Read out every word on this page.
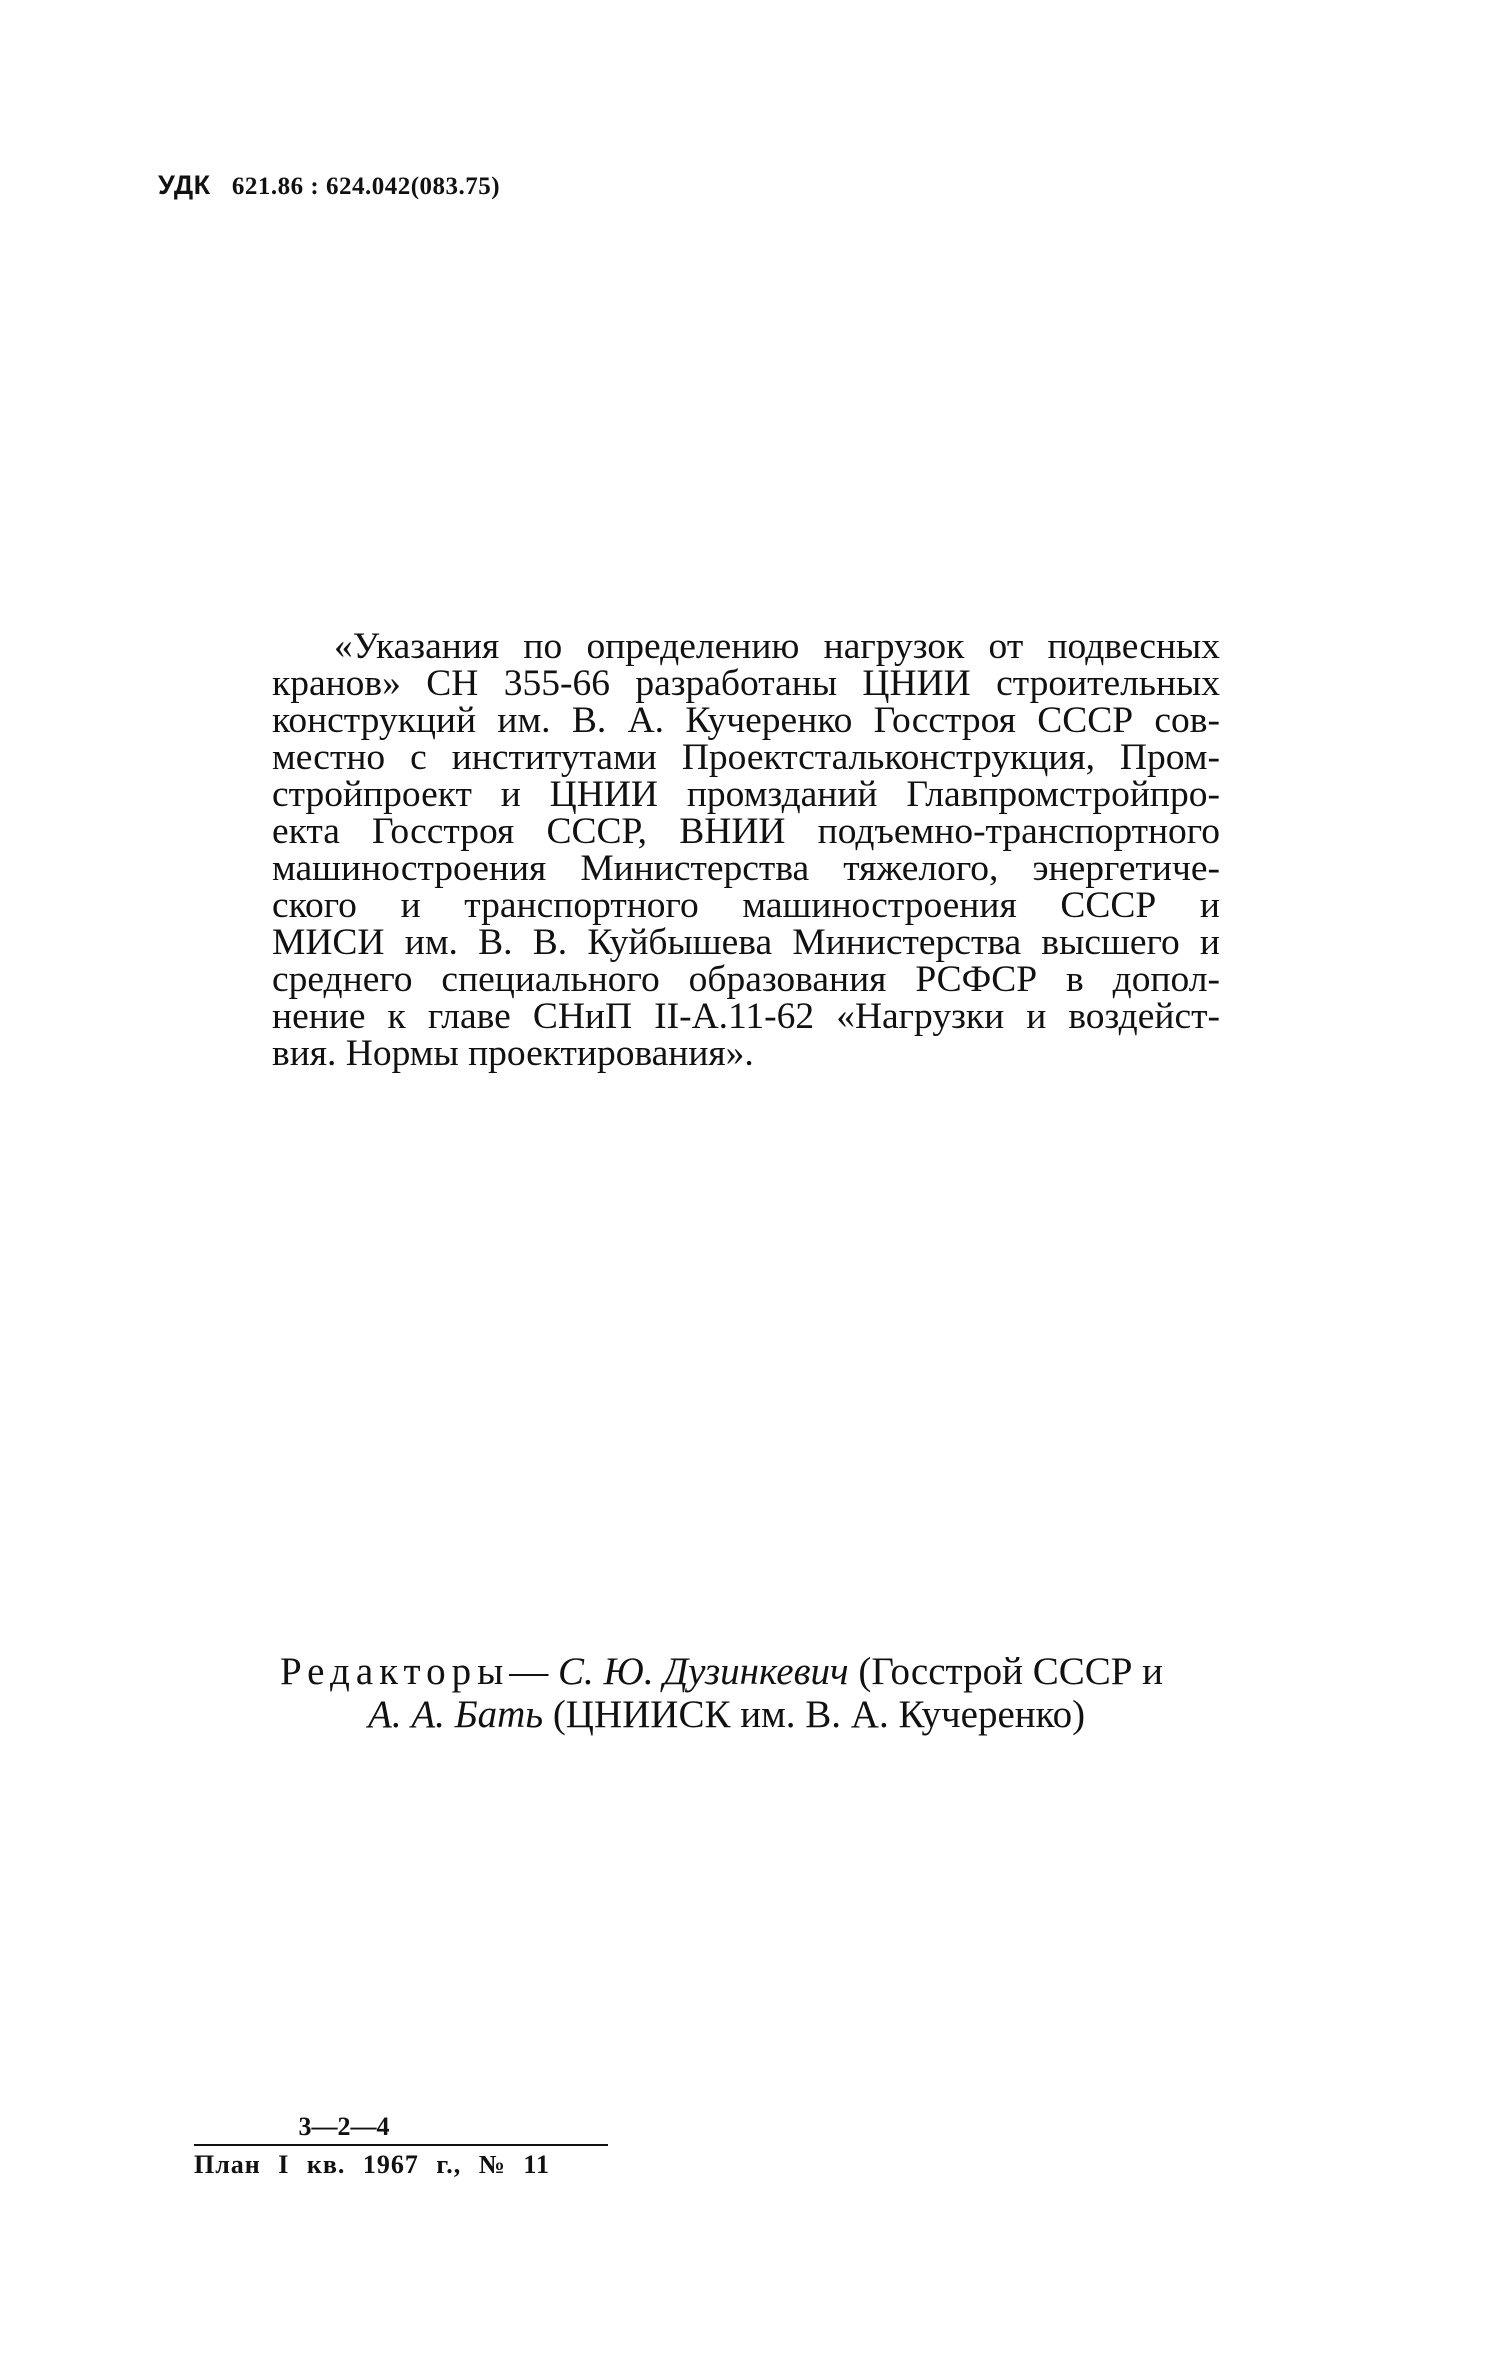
УДК 621.86 : 624.042(083.75)
«Указания по определению нагрузок от подвесных
кранов» СН 355-66 разработаны ЦНИИ строительных
конструкций им. В. А. Кучеренко Госстроя СССР сов-
местно с институтами Проектстальконструкция, Пром-
стройпроект и ЦНИИ промзданий Главпромстройпро-
екта Госстроя СССР, ВНИИ подъемно-транспортного
машиностроения Министерства тяжелого, энергетиче-
ского и транспортного машиностроения СССР и
МИСИ им. В. В. Куйбышева Министерства высшего и
среднего специального образования РСФСР в допол-
нение к главе СНиП II-А.11-62 «Нагрузки и воздейст-
вия. Нормы проектирования».
Редакторы— С. Ю. Дузинкевич (Госстрой СССР и
А. А. Бать (ЦНИИСК им. В. А. Кучеренко)
3—2—4
План I кв. 1967 г., № 11
